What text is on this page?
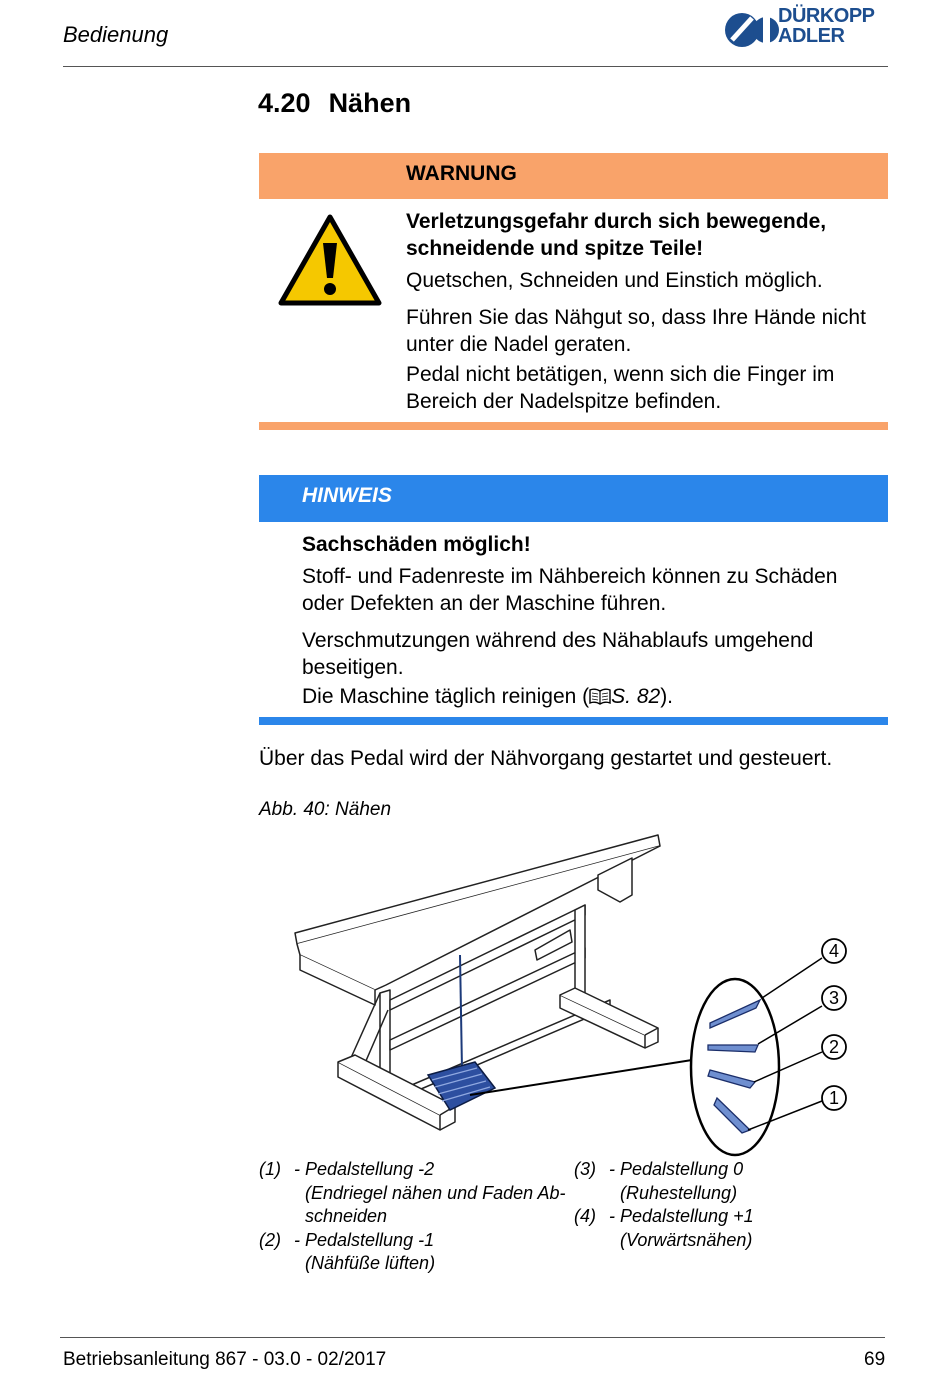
Bedienung
DÜRKOPP
ADLER
4.20 Nähen
WARNUNG
Verletzungsgefahr durch sich bewegende, schneidende und spitze Teile!
Quetschen, Schneiden und Einstich möglich.
Führen Sie das Nähgut so, dass Ihre Hände nicht unter die Nadel geraten.
Pedal nicht betätigen, wenn sich die Finger im Bereich der Nadelspitze befinden.
HINWEIS
Sachschäden möglich!
Stoff- und Fadenreste im Nähbereich können zu Schäden oder Defekten an der Maschine führen.
Verschmutzungen während des Nähablaufs umgehend beseitigen.
Die Maschine täglich reinigen ( S. 82).
Über das Pedal wird der Nähvorgang gestartet und gesteuert.
Abb. 40: Nähen
4
3
2
1
(1) - Pedalstellung -2
(Endriegel nähen und Faden Ab-
schneiden
(2) - Pedalstellung -1
(Nähfüße lüften)
(3) - Pedalstellung 0
(Ruhestellung)
(4) - Pedalstellung +1
(Vorwärtsnähen)
Betriebsanleitung 867 - 03.0 - 02/2017	69
